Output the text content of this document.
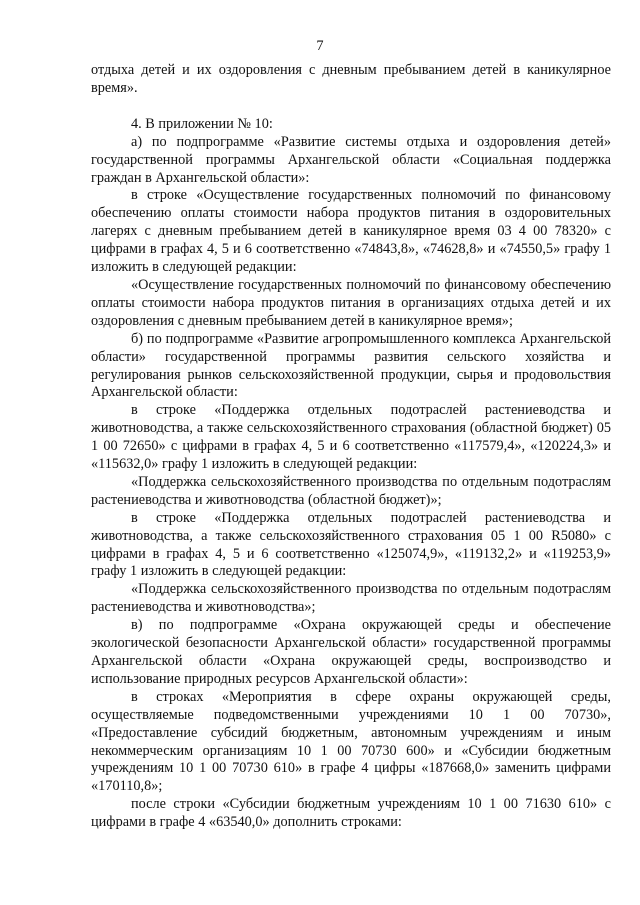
7

отдыха детей и их оздоровления с дневным пребыванием детей в каникулярное время».

4. В приложении № 10:

а) по подпрограмме «Развитие системы отдыха и оздоровления детей» государственной программы Архангельской области «Социальная поддержка граждан в Архангельской области»:

в строке «Осуществление государственных полномочий по финансовому обеспечению оплаты стоимости набора продуктов питания в оздоровительных лагерях с дневным пребыванием детей в каникулярное время 03 4 00 78320» с цифрами в графах 4, 5 и 6 соответственно «74843,8», «74628,8» и «74550,5» графу 1 изложить в следующей редакции:

«Осуществление государственных полномочий по финансовому обеспечению оплаты стоимости набора продуктов питания в организациях отдыха детей и их оздоровления с дневным пребыванием детей в каникулярное время»;

б) по подпрограмме «Развитие агропромышленного комплекса Архангельской области» государственной программы развития сельского хозяйства и регулирования рынков сельскохозяйственной продукции, сырья и продовольствия Архангельской области:

в строке «Поддержка отдельных подотраслей растениеводства и животноводства, а также сельскохозяйственного страхования (областной бюджет) 05 1 00 72650» с цифрами в графах 4, 5 и 6 соответственно «117579,4», «120224,3» и «115632,0» графу 1 изложить в следующей редакции:

«Поддержка сельскохозяйственного производства по отдельным подотраслям растениеводства и животноводства (областной бюджет)»;

в строке «Поддержка отдельных подотраслей растениеводства и животноводства, а также сельскохозяйственного страхования 05 1 00 R5080» с цифрами в графах 4, 5 и 6 соответственно «125074,9», «119132,2» и «119253,9» графу 1 изложить в следующей редакции:

«Поддержка сельскохозяйственного производства по отдельным подотраслям растениеводства и животноводства»;

в) по подпрограмме «Охрана окружающей среды и обеспечение экологической безопасности Архангельской области» государственной программы Архангельской области «Охрана окружающей среды, воспроизводство и использование природных ресурсов Архангельской области»:

в строках «Мероприятия в сфере охраны окружающей среды, осуществляемые подведомственными учреждениями 10 1 00 70730», «Предоставление субсидий бюджетным, автономным учреждениям и иным некоммерческим организациям 10 1 00 70730 600» и «Субсидии бюджетным учреждениям 10 1 00 70730 610» в графе 4 цифры «187668,0» заменить цифрами «170110,8»;

после строки «Субсидии бюджетным учреждениям 10 1 00 71630 610» с цифрами в графе 4 «63540,0» дополнить строками:
